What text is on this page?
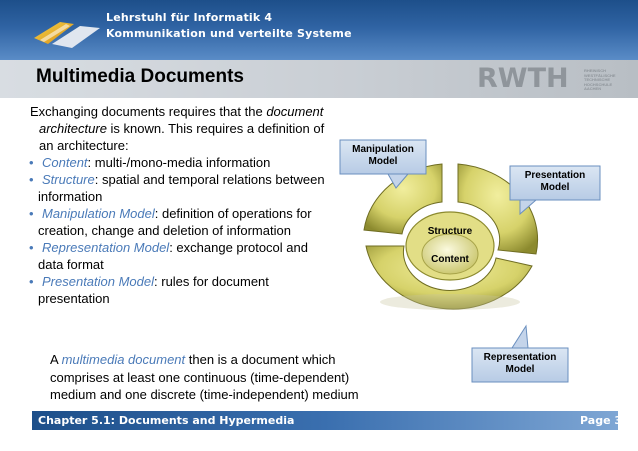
Lehrstuhl für Informatik 4
Kommunikation und verteilte Systeme
Multimedia Documents	RWTH	RHEINISCH WESTFÄLISCHE TECHNISCHE HOCHSCHULE AACHEN
Exchanging documents requires that the document architecture is known. This requires a definition of an architecture:
• Content: multi-/mono-media information
• Structure: spatial and temporal relations between information
• Manipulation Model: definition of operations for creation, change and deletion of information
• Representation Model: exchange protocol and data format
• Presentation Model: rules for document presentation
A multimedia document then is a document which comprises at least one continuous (time-dependent) medium and one discrete (time-independent) medium
Manipulation
Model
Presentation
Model
Representation
Model
Structure
Content
Chapter 5.1: Documents and Hypermedia	Page 3
